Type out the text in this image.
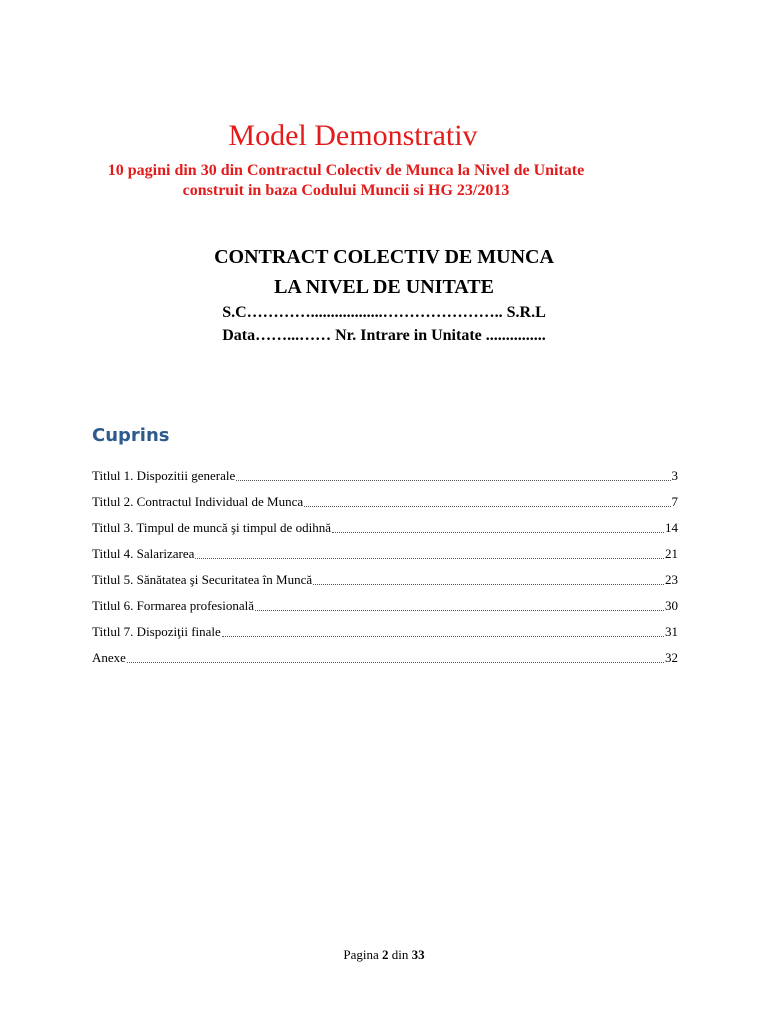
Model Demonstrativ

10 pagini din 30 din Contractul Colectiv de Munca la Nivel de Unitate

construit in baza Codului Muncii si HG 23/2013

CONTRACT COLECTIV DE MUNCA
LA NIVEL DE UNITATE

S.C…………..................………………….. S.R.L

Data……...…… Nr. Intrare in Unitate ...............

Cuprins
Titlul 1. Dispozitii generale	3
Titlul 2. Contractul Individual de Munca	7
Titlul 3. Timpul de muncă şi timpul de odihnă	14
Titlul 4. Salarizarea	21
Titlul 5. Sănătatea şi Securitatea în Muncă	23
Titlul 6. Formarea profesională	30
Titlul 7. Dispoziţii finale	31
Anexe	32

Pagina 2 din 33
